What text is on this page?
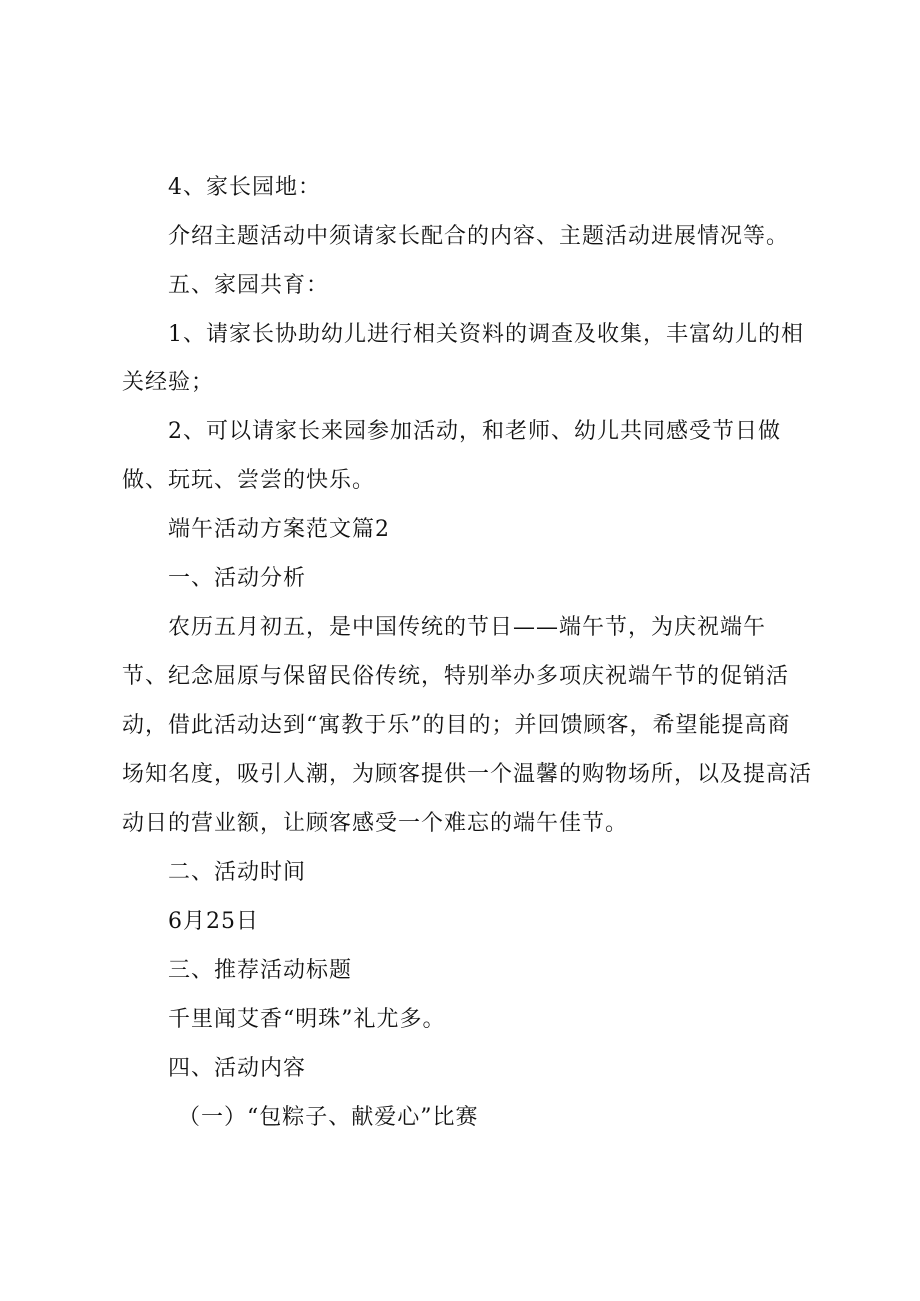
4、家长园地：
介绍主题活动中须请家长配合的内容、主题活动进展情况等。
五、家园共育：
1、请家长协助幼儿进行相关资料的调查及收集，丰富幼儿的相
关经验；
2、可以请家长来园参加活动，和老师、幼儿共同感受节日做
做、玩玩、尝尝的快乐。
端午活动方案范文篇2
一、活动分析
农历五月初五，是中国传统的节日——端午节，为庆祝端午
节、纪念屈原与保留民俗传统，特别举办多项庆祝端午节的促销活
动，借此活动达到“寓教于乐”的目的；并回馈顾客，希望能提高商
场知名度，吸引人潮，为顾客提供一个温馨的购物场所，以及提高活
动日的营业额，让顾客感受一个难忘的端午佳节。
二、活动时间
6月25日
三、推荐活动标题
千里闻艾香“明珠”礼尤多。
四、活动内容
（一）“包粽子、献爱心”比赛
